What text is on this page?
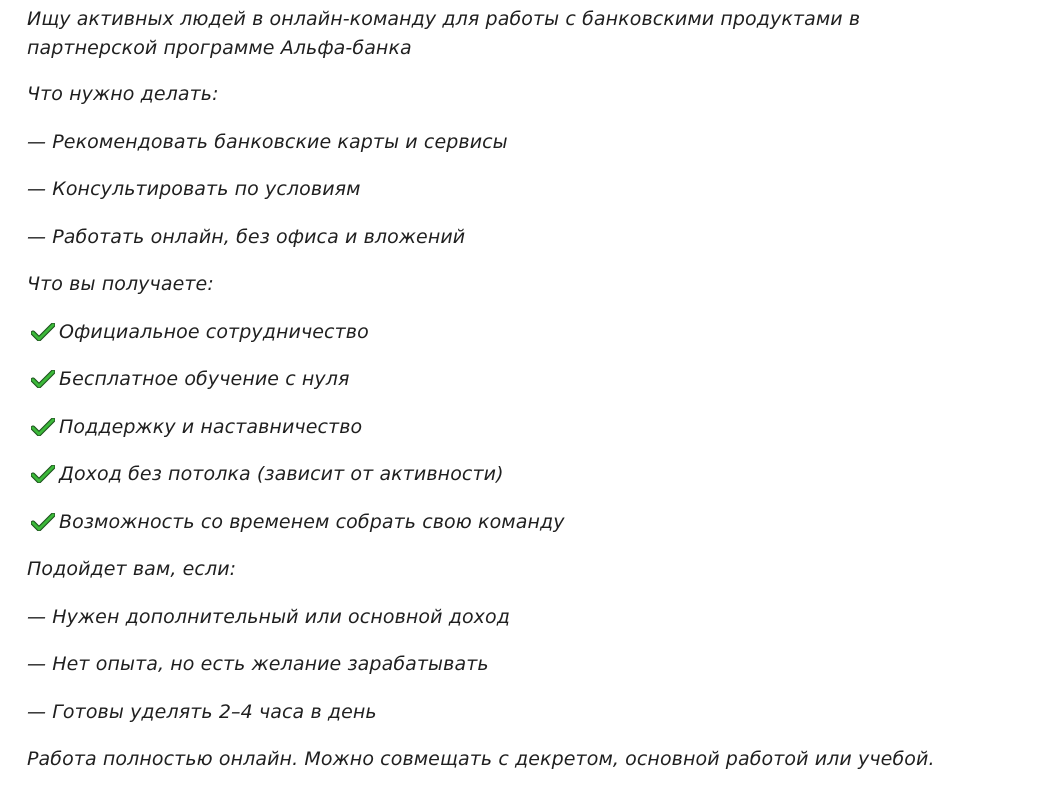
Ищу активных людей в онлайн-команду для работы с банковскими продуктами в партнерской программе Альфа-банка
Что нужно делать:
— Рекомендовать банковские карты и сервисы
— Консультировать по условиям
— Работать онлайн, без офиса и вложений
Что вы получаете:
Официальное сотрудничество
Бесплатное обучение с нуля
Поддержку и наставничество
Доход без потолка (зависит от активности)
Возможность со временем собрать свою команду
Подойдет вам, если:
— Нужен дополнительный или основной доход
— Нет опыта, но есть желание зарабатывать
— Готовы уделять 2–4 часа в день
Работа полностью онлайн. Можно совмещать с декретом, основной работой или учебой.
